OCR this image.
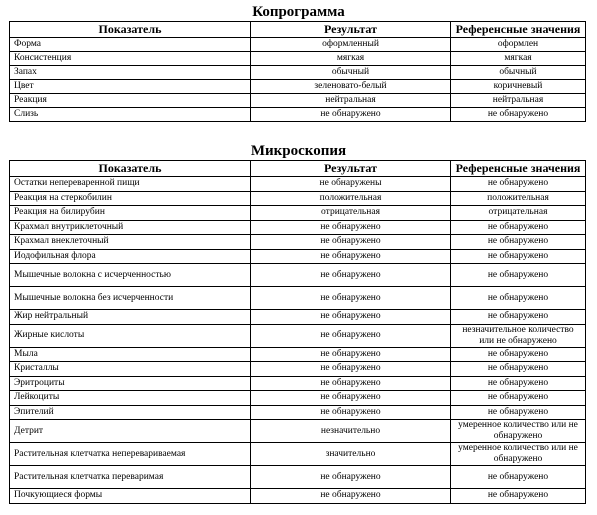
Копрограмма
Показатель	Результат	Референсные значения
Форма	оформленный	оформлен
Консистенция	мягкая	мягкая
Запах	обычный	обычный
Цвет	зеленовато-белый	коричневый
Реакция	нейтральная	нейтральная
Слизь	не обнаружено	не обнаружено
Микроскопия
Показатель	Результат	Референсные значения
Остатки непереваренной пищи	не обнаружены	не обнаружено
Реакция на стеркобилин	положительная	положительная
Реакция на билирубин	отрицательная	отрицательная
Крахмал внутриклеточный	не обнаружено	не обнаружено
Крахмал внеклеточный	не обнаружено	не обнаружено
Иодофильная флора	не обнаружено	не обнаружено
Мышечные волокна с исчерченностью	не обнаружено	не обнаружено
Мышечные волокна без исчерченности	не обнаружено	не обнаружено
Жир нейтральный	не обнаружено	не обнаружено
Жирные кислоты	не обнаружено	незначительное количество или не обнаружено
Мыла	не обнаружено	не обнаружено
Кристаллы	не обнаружено	не обнаружено
Эритроциты	не обнаружено	не обнаружено
Лейкоциты	не обнаружено	не обнаружено
Эпителий	не обнаружено	не обнаружено
Детрит	незначительно	умеренное количество или не обнаружено
Растительная клетчатка неперевариваемая	значительно	умеренное количество или не обнаружено
Растительная клетчатка переваримая	не обнаружено	не обнаружено
Почкующиеся формы	не обнаружено	не обнаружено
